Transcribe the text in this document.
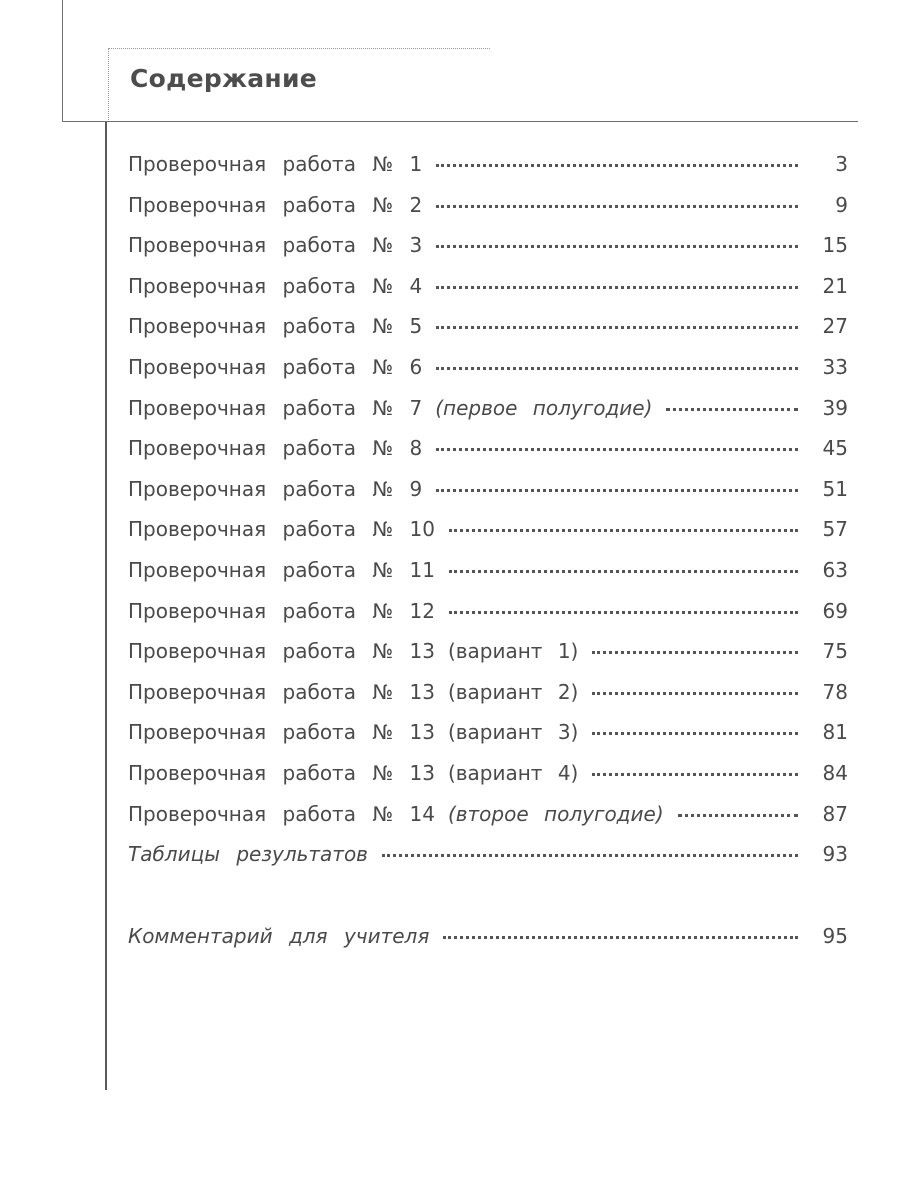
Содержание
Проверочная работа № 1	3
Проверочная работа № 2	9
Проверочная работа № 3	15
Проверочная работа № 4	21
Проверочная работа № 5	27
Проверочная работа № 6	33
Проверочная работа № 7 (первое полугодие)	39
Проверочная работа № 8	45
Проверочная работа № 9	51
Проверочная работа № 10	57
Проверочная работа № 11	63
Проверочная работа № 12	69
Проверочная работа № 13 (вариант 1)	75
Проверочная работа № 13 (вариант 2)	78
Проверочная работа № 13 (вариант 3)	81
Проверочная работа № 13 (вариант 4)	84
Проверочная работа № 14 (второе полугодие)	87
Таблицы результатов	93
Комментарий для учителя	95
